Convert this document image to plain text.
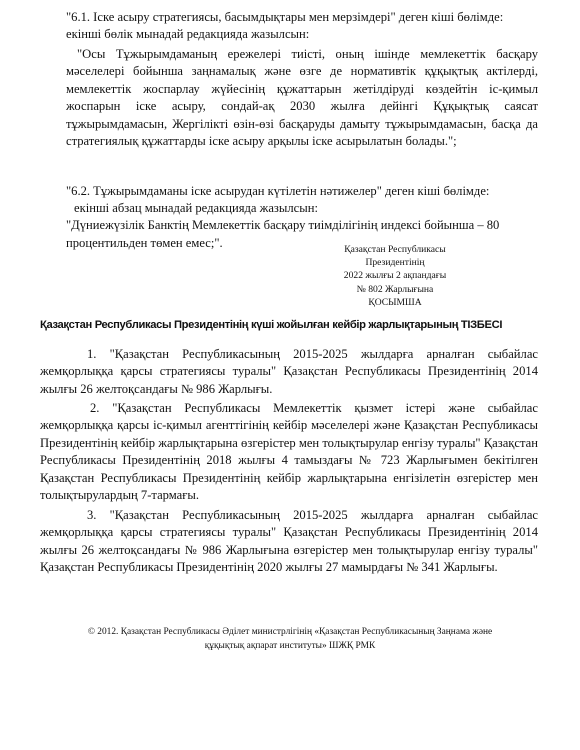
"6.1. Іске асыру стратегиясы, басымдықтары мен мерзімдері" деген кіші бөлімде:

екінші бөлік мынадай редакцияда жазылсын:

"Осы Тұжырымдаманың ережелері тиісті, оның ішінде мемлекеттік басқару мәселелері бойынша заңнамалық және өзге де нормативтік құқықтық актілерді, мемлекеттік жоспарлау жүйесінің құжаттарын жетілдіруді көздейтін іс-қимыл жоспарын іске асыру, сондай-ақ 2030 жылға дейінгі Құқықтық саясат тұжырымдамасын, Жергілікті өзін-өзі басқаруды дамыту тұжырымдамасын, басқа да стратегиялық құжаттарды іске асыру арқылы іске асырылатын болады.";

"6.2. Тұжырымдаманы іске асырудан күтілетін нәтижелер" деген кіші бөлімде:

екінші абзац мынадай редакцияда жазылсын:

"Дүниежүзілік Банктің Мемлекеттік басқару тиімділігінің индексі бойынша – 80

процентильден төмен емес;".	Қазақстан Республикасы
Президентінің
2022 жылғы 2 ақпандағы
№ 802 Жарлығына
ҚОСЫМША
Қазақстан Республикасы Президентінің күші жойылған кейбір жарлықтарының ТІЗБЕСІ

1. "Қазақстан Республикасының 2015-2025 жылдарға арналған сыбайлас жемқорлыққа қарсы стратегиясы туралы" Қазақстан Республикасы Президентінің 2014 жылғы 26 желтоқсандағы № 986 Жарлығы.

2. "Қазақстан Республикасы Мемлекеттік қызмет істері және сыбайлас жемқорлыққа қарсы іс-қимыл агенттігінің кейбір мәселелері және Қазақстан Республикасы Президентінің кейбір жарлықтарына өзгерістер мен толықтырулар енгізу туралы" Қазақстан Республикасы Президентінің 2018 жылғы 4 тамыздағы № 723 Жарлығымен бекітілген Қазақстан Республикасы Президентінің кейбір жарлықтарына енгізілетін өзгерістер мен толықтырулардың 7-тармағы.

3. "Қазақстан Республикасының 2015-2025 жылдарға арналған сыбайлас жемқорлыққа қарсы стратегиясы туралы" Қазақстан Республикасы Президентінің 2014 жылғы 26 желтоқсандағы № 986 Жарлығына өзгерістер мен толықтырулар енгізу туралы" Қазақстан Республикасы Президентінің 2020 жылғы 27 мамырдағы № 341 Жарлығы.

© 2012. Қазақстан Республикасы Әділет министрлігінің «Қазақстан Республикасының Заңнама және
құқықтық ақпарат институты» ШЖҚ РМК
